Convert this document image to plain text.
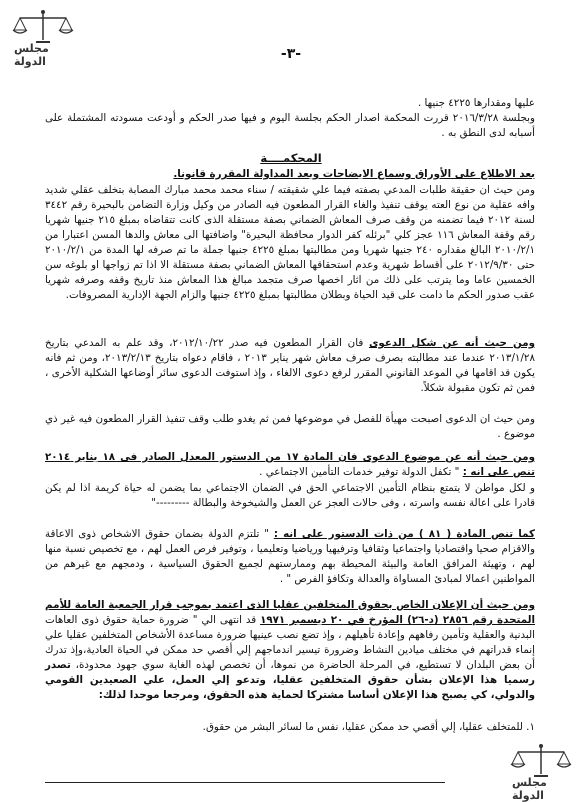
مجلس الدولة	-٣-
عليها ومقدارها ٤٢٢٥ جنيها .
وبجلسة ٢٠١٦/٣/٢٨ قررت المحكمة اصدار الحكم بجلسة اليوم و فيها صدر الحكم و أودعت مسودته المشتملة على أسبابه لدى النطق به .
المحكمــــة
بعد الاطلاع على الأوراق وسماع الايضاحات وبعد المداولة المقررة قانونا.
ومن حيث ان حقيقة طلبات المدعي بصفته فيما علي شقيقته / سناء محمد محمد مبارك المصابة بتخلف عقلي شديد وافه عقلية من نوع العته يوقف تنفيذ والغاء القرار المطعون فيه الصادر من وكيل وزارة التضامن بالبحيرة رقم ٣٤٤٢ لسنة ٢٠١٢ فيما تضمنه من وقف صرف المعاش الضماني بصفة مستقلة الذى كانت تتقاضاه بمبلغ ٢١٥ جنيها شهريا رقم وقفة المعاش ١١٦ عجز كلي "برئله كفر الدوار محافظة البحيرة" واضافتها الى معاش والدها المسن اعتبارا من ٢٠١٠/٢/١ البالغ مقداره ٢٤٠ جنيها شهريا ومن مطالبتها بمبلغ ٤٢٢٥ جنيها جملة ما تم صرفه لها المدة من ٢٠١٠/٢/١ حتى ٢٠١٢/٩/٣٠ على أقساط شهرية وعدم استحقاقها المعاش الضماني بصفة مستقلة الا اذا تم زواجها او بلوغه سن الخمسين عاما وما يترتب على ذلك من اثار اخصها صرف متجمد مبالغ هذا المعاش منذ تاريخ وقفه وصرفه شهريا عقب صدور الحكم ما دامت على قيد الحياة وبطلان مطالبتها بمبلغ ٤٢٢٥ جنيها والزام الجهة الإدارية المصروفات.
ومن حيث أنه عن شكل الدعوى فان القرار المطعون فيه صدر ٢٠١٢/١٠/٢٢، وقد علم به المدعي بتاريخ ٢٠١٣/١/٢٨ عندما عند مطالبته بصرف صرف معاش شهر يناير ٢٠١٣ ، فاقام دعواه بتاريخ ٢٠١٣/٢/١٣، ومن ثم فانه يكون قد اقامها في الموعد القانوني المقرر لرفع دعوى الالغاء ، وإذ استوفت الدعوى سائر أوضاعها الشكلية الأخرى ، فمن ثم تكون مقبولة شكلاً.
ومن حيث ان الدعوى اصبحت مهيأة للفصل في موضوعها فمن ثم يغدو طلب وقف تنفيذ القرار المطعون فيه غير ذي موضوع .
ومن حيث أنه عن موضوع الدعوى فان المادة ١٧ من الدستور المعدل الصادر فى ١٨ يناير ٢٠١٤ تنص على انه : " تكفل الدولة توفير خدمات التأمين الاجتماعي .
و لكل مواطن لا يتمتع بنظام التأمين الاجتماعي الحق في الضمان الاجتماعي بما يضمن له حياة كريمة اذا لم يكن قادرا على اعالة نفسه واسرته ، وفى حالات العجز عن العمل والشيخوخة والبطالة ---------"
كما تنص المادة ( ٨١ ) من ذات الدستور على انه : " تلتزم الدولة بضمان حقوق الاشخاص ذوى الاعاقة والاقزام صحيا واقتصاديا واجتماعيا وثقافيا وترفيهيا ورياضيا وتعليميا ، وتوفير فرص العمل لهم ، مع تخصيص نسبة منها لهم ، وتهيئة المرافق العامة والبيئة المحيطة بهم وممارستهم لجميع الحقوق السياسية ، ودمجهم مع غيرهم من المواطنين اعمالا لمبادئ المساواة والعدالة وتكافؤ الفرص " .
ومن حيث أن الإعلان الخاص بحقوق المتخلفين عقليا الذى اعتمد بموجب قرار الجمعية العامة للأمم المتحدة رقم ٢٨٥٦ (د-٢٦) المؤرخ في ٢٠ ديسمبر ١٩٧١ قد انتهى الي " ضرورة حماية حقوق ذوى العاهات البدنية والعقلية وتأمين رفاههم وإعادة تأهيلهم ، وإذ تضع نصب عينيها ضرورة مساعدة الأشخاص المتخلفين عقليا علي إنماء قدراتهم في مختلف ميادين النشاط وضرورة تيسير اندماجهم إلي أقصي حد ممكن في الحياة العادية،وإذ تدرك أن بعض البلدان لا تستطيع، في المرحلة الحاضرة من نموها، أن تخصص لهذه الغاية سوي جهود محدودة، تصدر رسميا هذا الإعلان بشأن حقوق المتخلفين عقليا، وتدعو إلي العمل، علي الصعيدين القومي والدولي، كي يصبح هذا الإعلان أساسا مشتركا لحماية هذه الحقوق، ومرجعا موحدا لذلك:
١. للمتخلف عقليا، إلي أقصي حد ممكن عقليا، نفس ما لسائر البشر من حقوق.
مجلس الدولة
